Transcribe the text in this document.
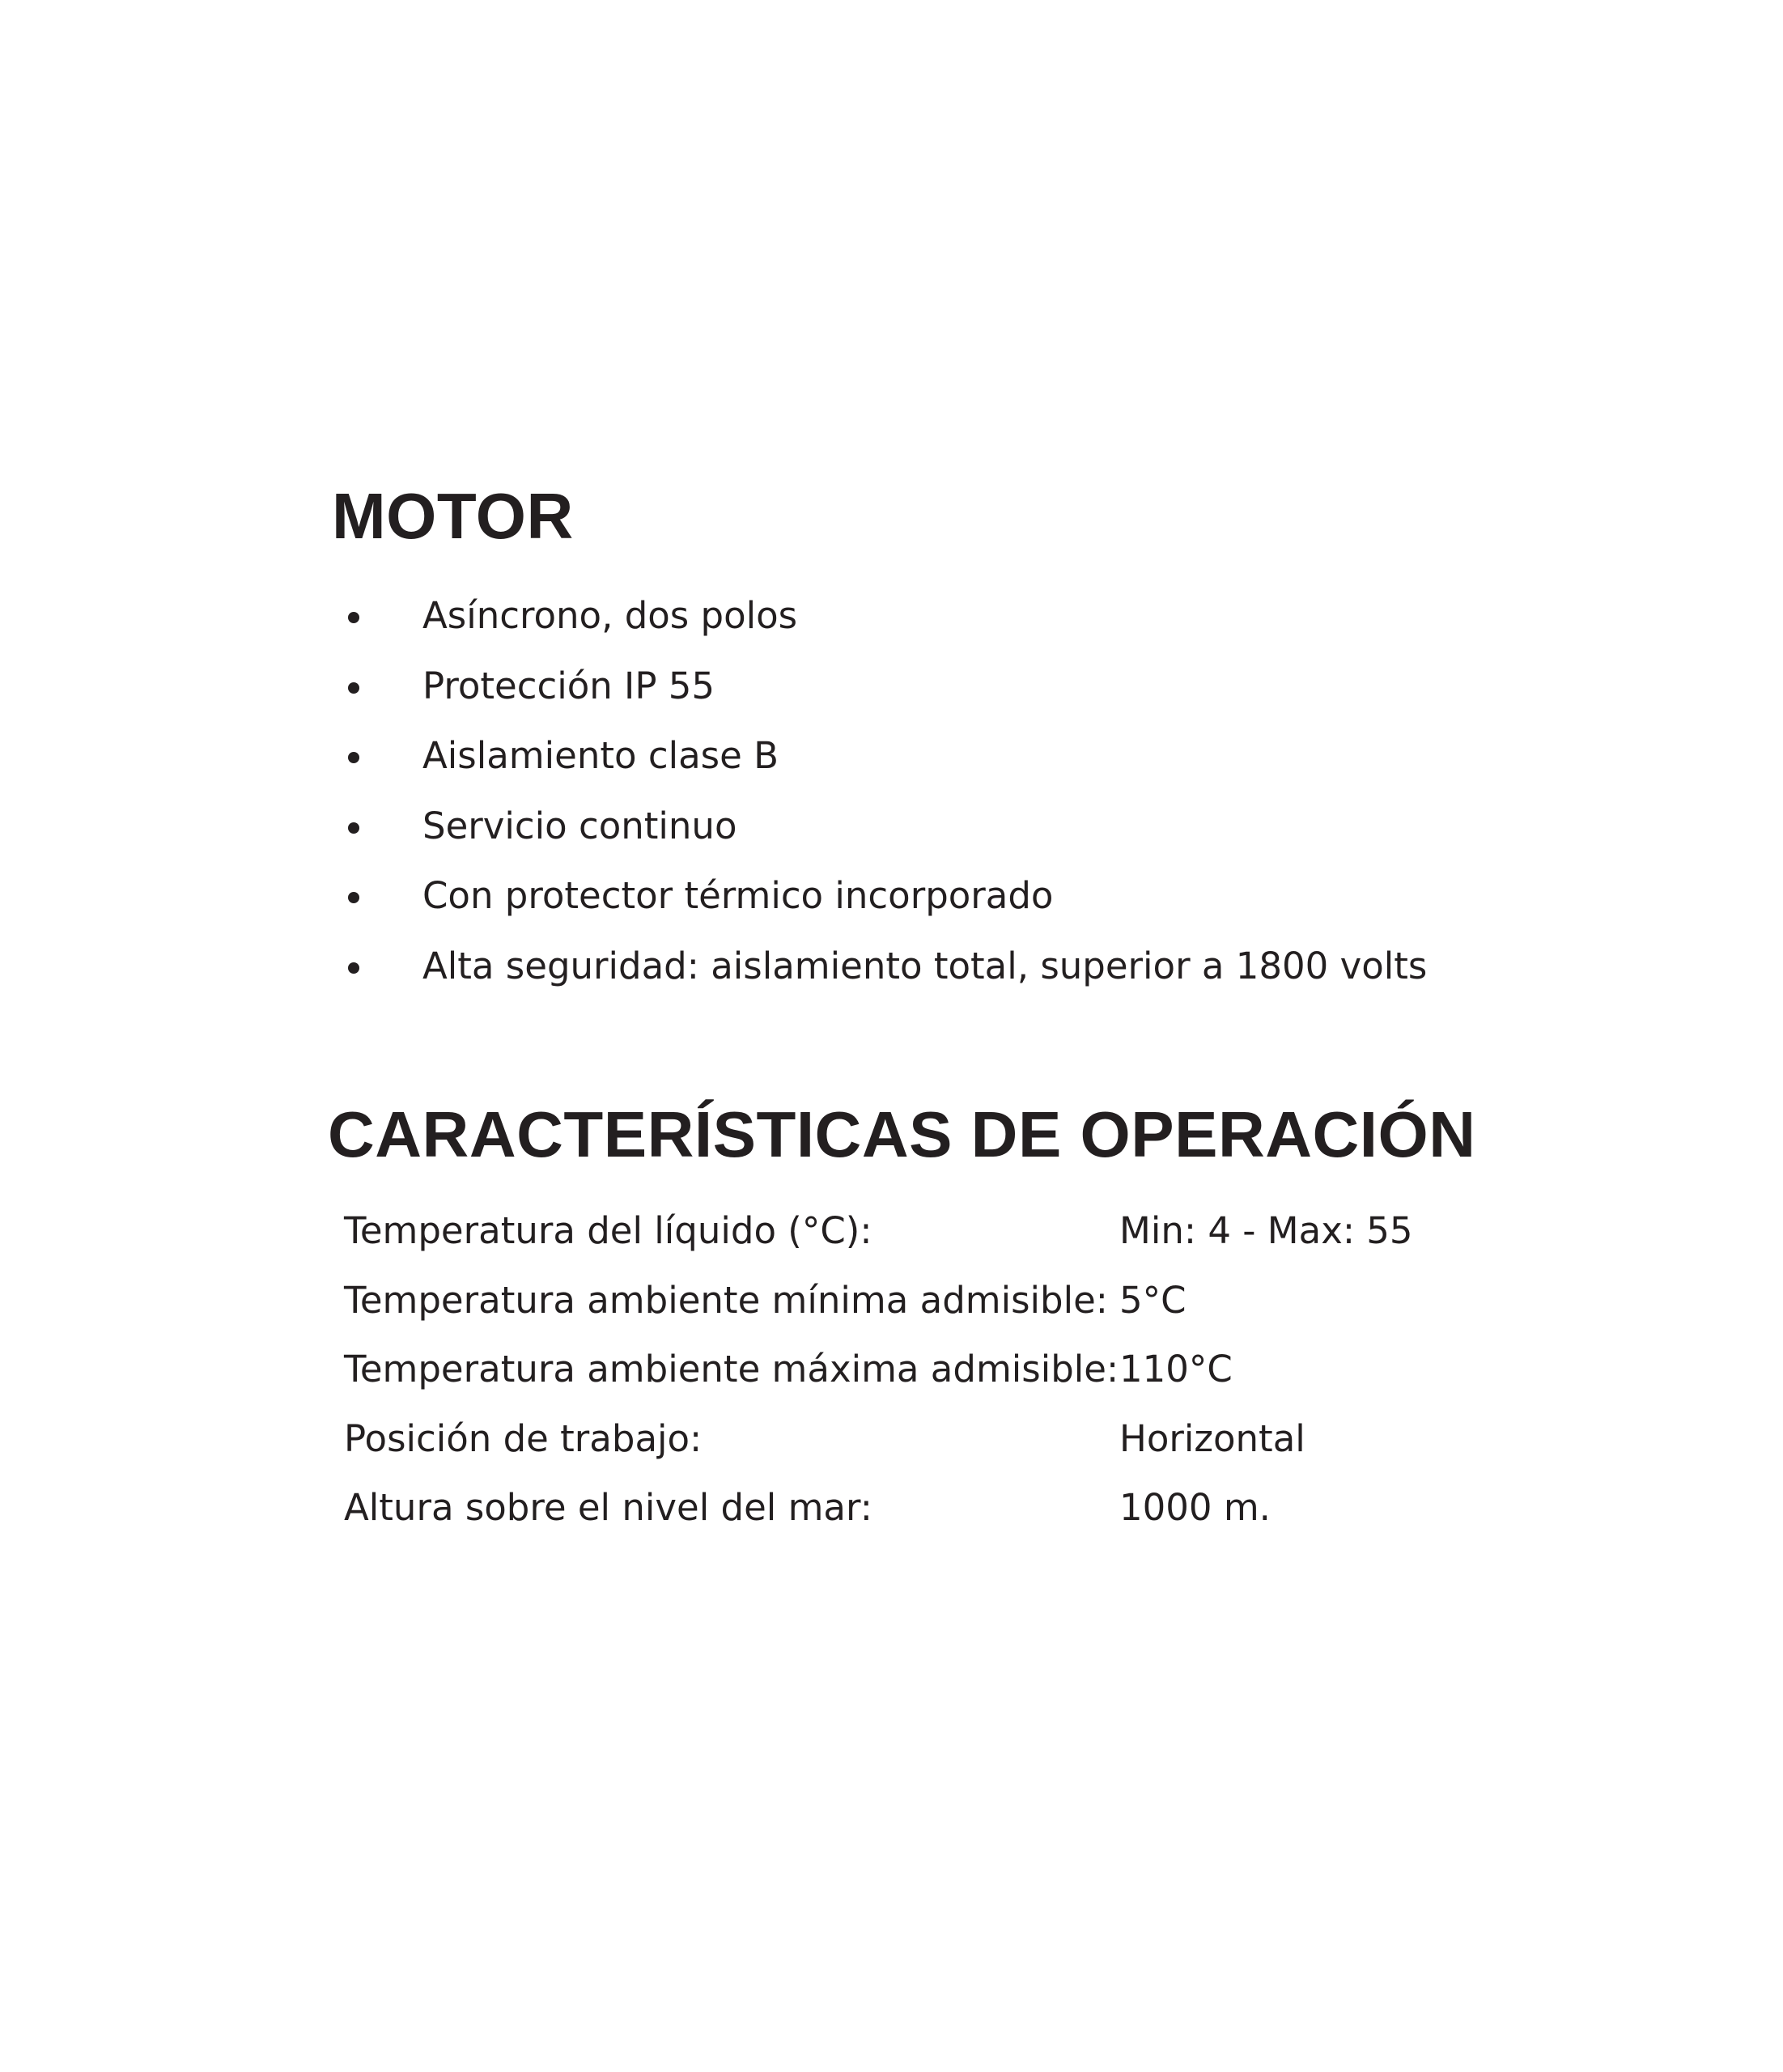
MOTOR
Asíncrono, dos polos
Protección IP 55
Aislamiento clase B
Servicio continuo
Con protector térmico incorporado
Alta seguridad: aislamiento total, superior a 1800 volts
CARACTERÍSTICAS DE OPERACIÓN
Temperatura del líquido (°C):	Min: 4 - Max: 55
Temperatura ambiente mínima admisible: 5°C
Temperatura ambiente máxima admisible: 110°C
Posición de trabajo:	Horizontal
Altura sobre el nivel del mar:	1000 m.
